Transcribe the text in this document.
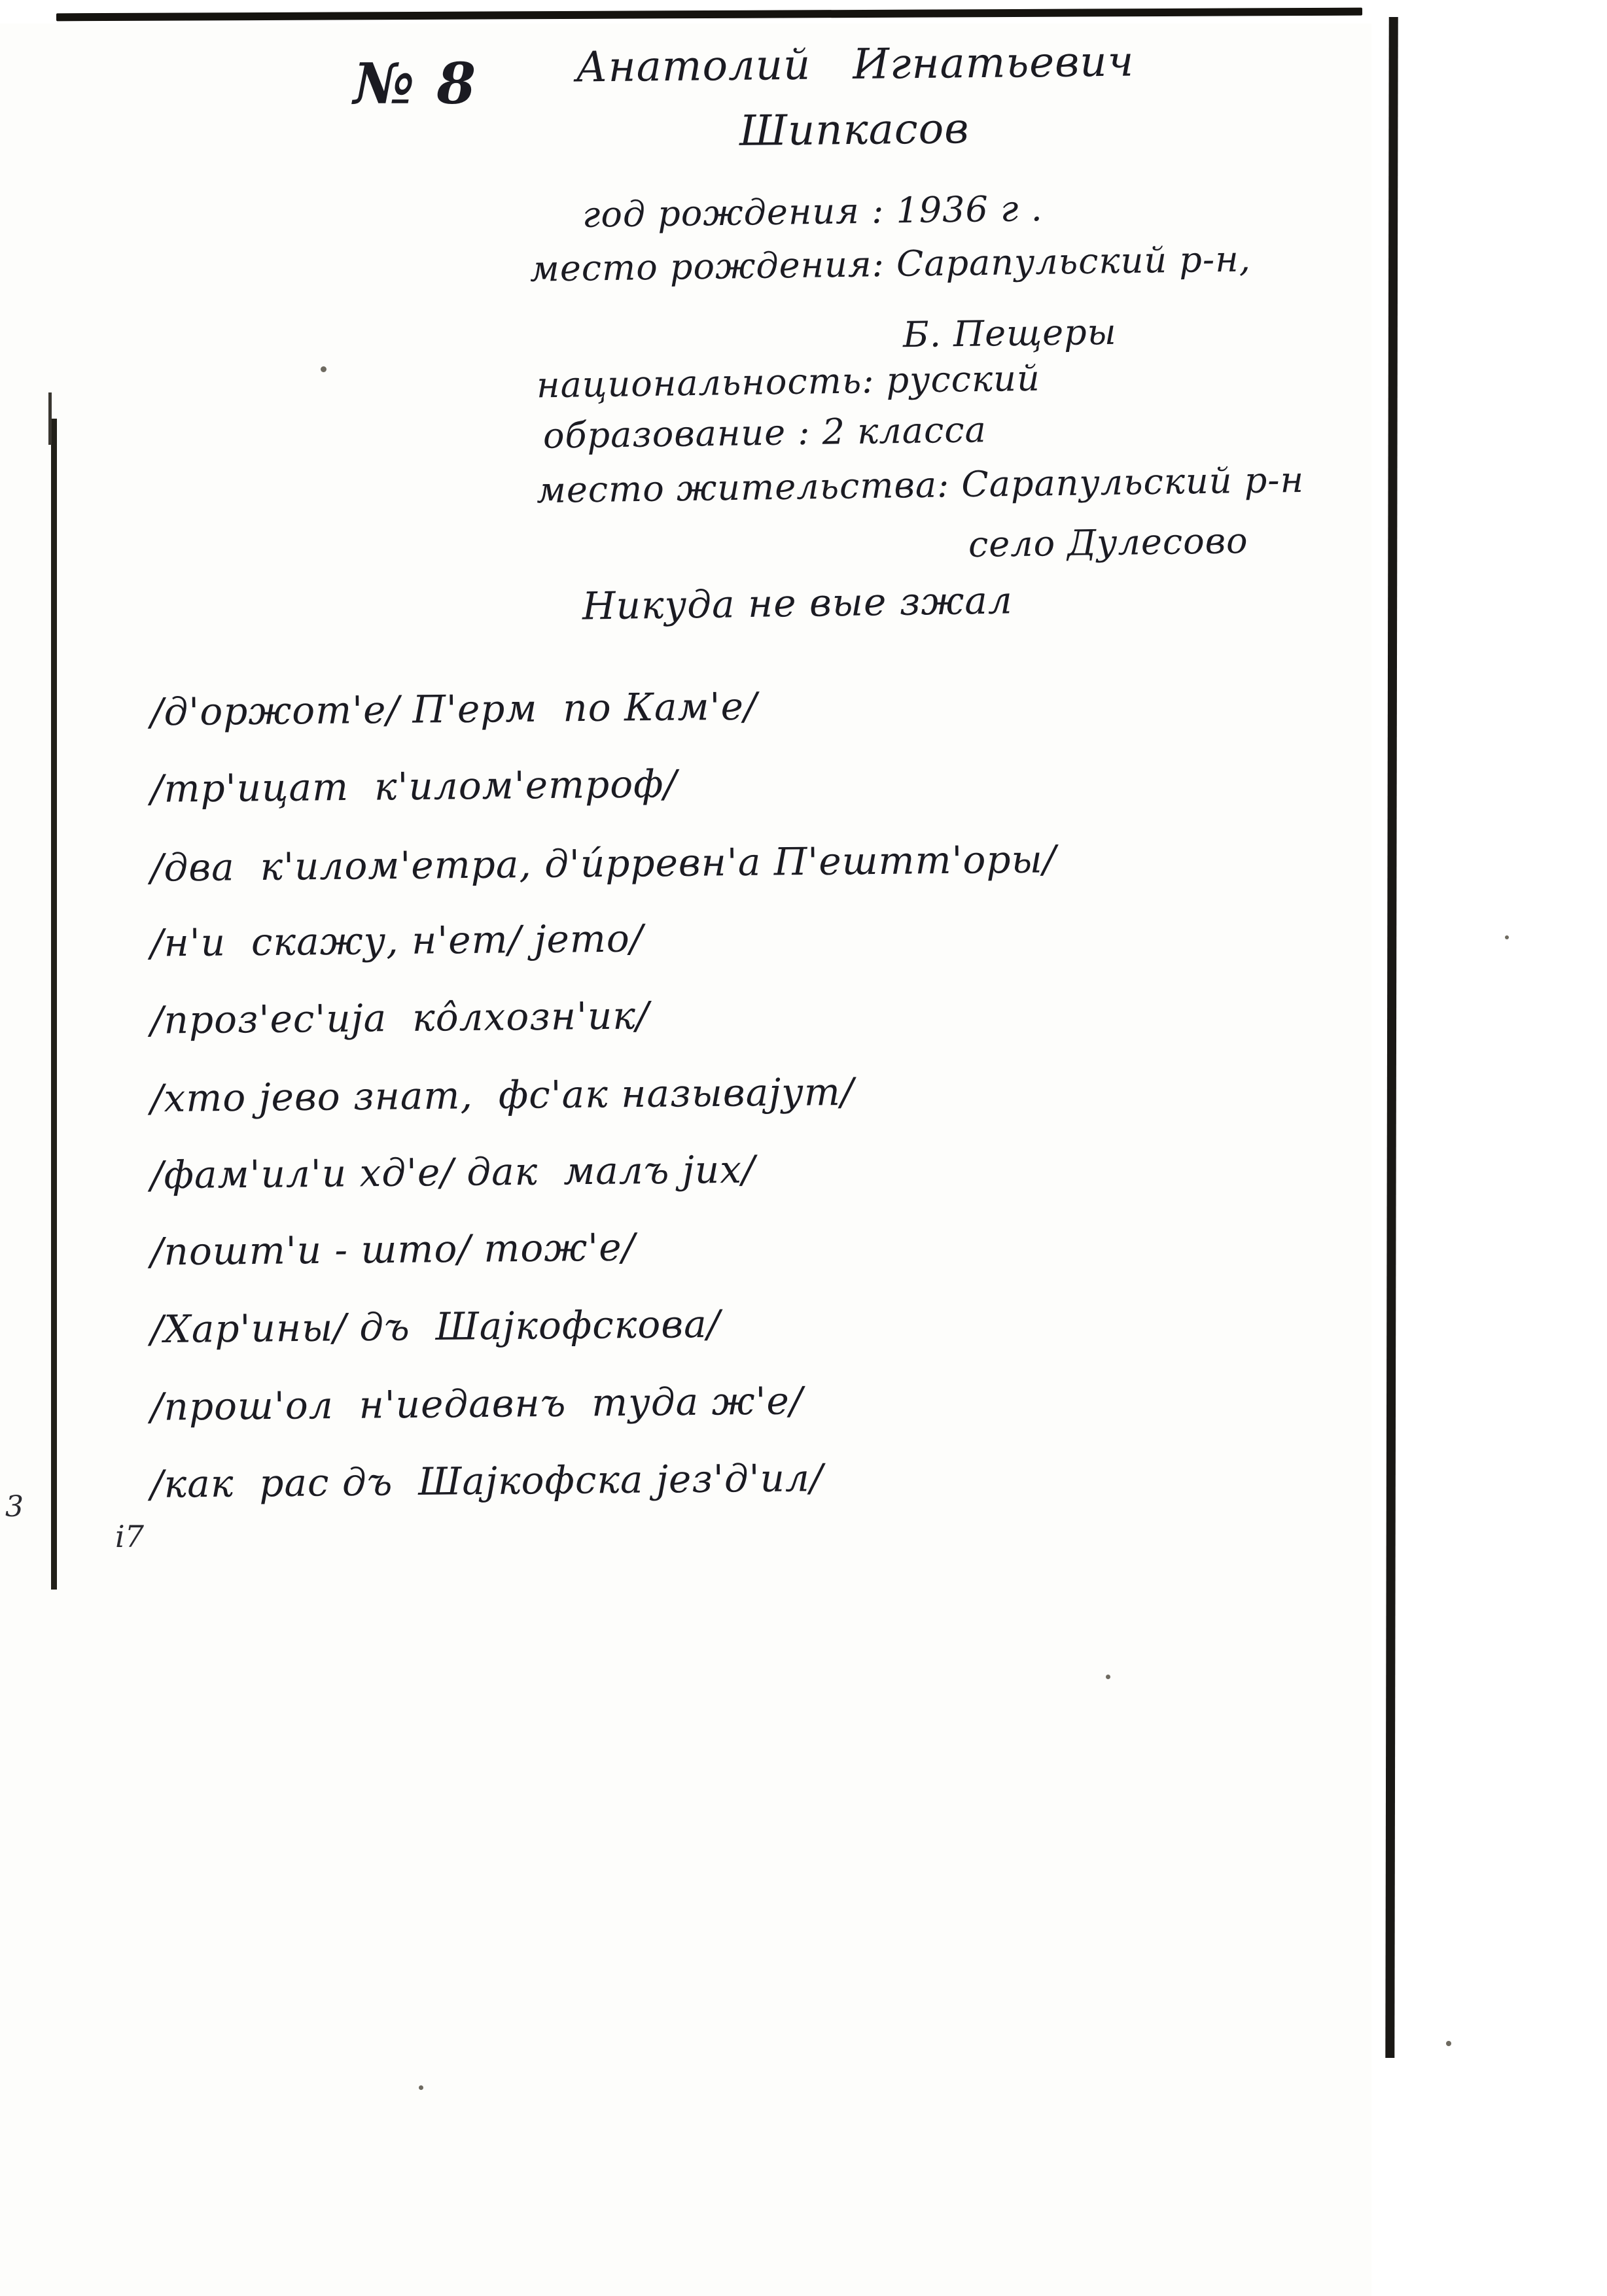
№ 8 Анатолий   Игнатьевич
Шипкасов
год рождения : 1936 г .
место рождения: Сарапульский р-н,
Б. Пещеры
национальность: русский
образование : 2 класса
место жительства: Сарапульский р-н
село Дулесово
Никуда не вые зжал
/д'оржот'е/ П'ерм  по Кам'е/
/тр'ицат  к'илом'етроф/
/два  к'илом'етра, д'и́рревн'а П'ештт'оры/
/н'и  скажу, н'ет/ jето/
/проз'ес'ија  кôлхозн'ик/
/хто jево знат,  фс'ак называјут/
/фам'ил'и хд'е/ дак  малъ јих/
/пошт'и - што/ тож'е/
/Хар'ины/ дъ  Шајкофскова/
/прош'ол  н'иедавнъ  туда ж'е/
/как  рас дъ  Шајкофска jез'д'ил/
3
і7
